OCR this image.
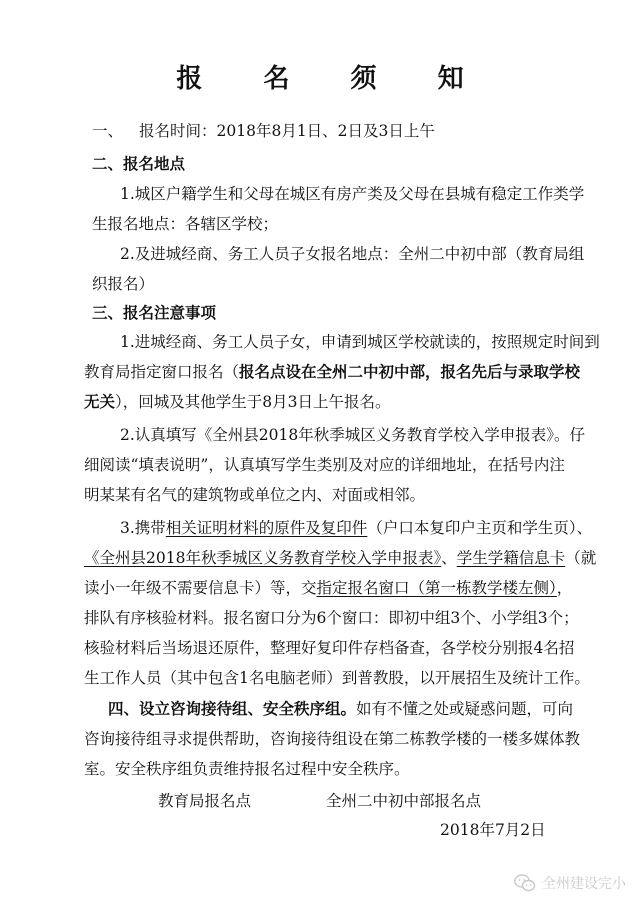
报 名 须 知
一、 报名时间：2018年8月1日、2日及3日上午
二、报名地点
1.城区户籍学生和父母在城区有房产类及父母在县城有稳定工作类学
生报名地点：各辖区学校；
2.及进城经商、务工人员子女报名地点：全州二中初中部（教育局组
织报名）
三、报名注意事项
1.进城经商、务工人员子女，申请到城区学校就读的，按照规定时间到
教育局指定窗口报名（报名点设在全州二中初中部，报名先后与录取学校
无关），回城及其他学生于8月3日上午报名。
2.认真填写《全州县2018年秋季城区义务教育学校入学申报表》。仔
细阅读“填表说明”，认真填写学生类别及对应的详细地址，在括号内注
明某某有名气的建筑物或单位之内、对面或相邻。
3.携带相关证明材料的原件及复印件（户口本复印户主页和学生页）、
《全州县2018年秋季城区义务教育学校入学申报表》、学生学籍信息卡（就
读小一年级不需要信息卡）等，交指定报名窗口（第一栋教学楼左侧），
排队有序核验材料。报名窗口分为6个窗口：即初中组3个、小学组3个；
核验材料后当场退还原件，整理好复印件存档备查，各学校分别报4名招
生工作人员（其中包含1名电脑老师）到普教股，以开展招生及统计工作。
四、设立咨询接待组、安全秩序组。如有不懂之处或疑惑问题，可向
咨询接待组寻求提供帮助，咨询接待组设在第二栋教学楼的一楼多媒体教
室。安全秩序组负责维持报名过程中安全秩序。
教育局报名点	全州二中初中部报名点
2018年7月2日
全州建设完小
